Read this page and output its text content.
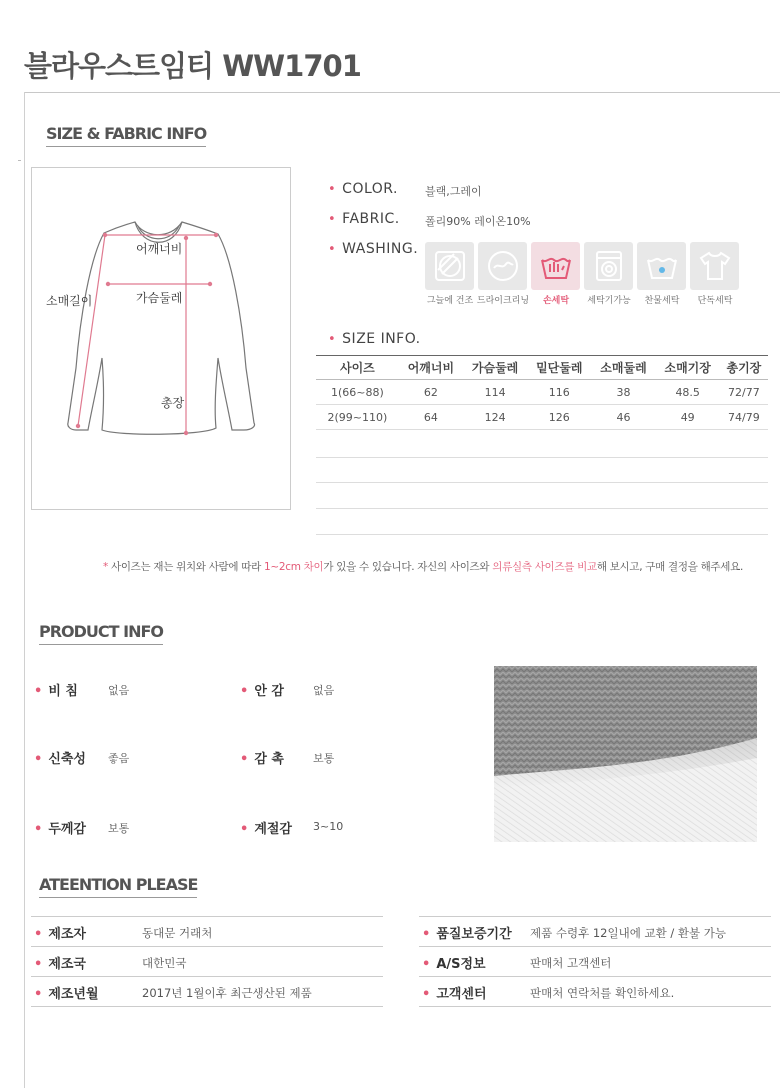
블라우스트임티 WW1701
SIZE & FABRIC INFO
어깨너비
소매길이	가슴둘레
총장
• COLOR. 블랙,그레이
• FABRIC. 폴리90% 레이온10%
• WASHING.
그늘에 건조 드라이크리닝	손세탁	세탁기가능	찬물세탁	단독세탁
• SIZE INFO.
사이즈	어깨너비	가슴둘레	밑단둘레	소매둘레	소매기장	총기장
1(66~88)	62	114	116	38	48.5	72/77
2(99~110)	64	124	126	46	49	74/79
* 사이즈는 재는 위치와 사람에 따라 1~2cm 차이가 있을 수 있습니다. 자신의 사이즈와 의류실측 사이즈를 비교해 보시고, 구매 결정을 해주세요.
PRODUCT INFO
• 비 침	없음	• 안 감	없음
• 신축성 좋음	• 감 촉	보통
• 두께감 보통	• 계절감 3~10
ATEENTION PLEASE
• 제조자	동대문 거래처
• 제조국	대한민국
• 제조년월	2017년 1월이후 최근생산된 제품
• 품질보증기간 제품 수령후 12일내에 교환 / 환불 가능
• A/S정보	판매처 고객센터
• 고객센터	판매처 연락처를 확인하세요.
